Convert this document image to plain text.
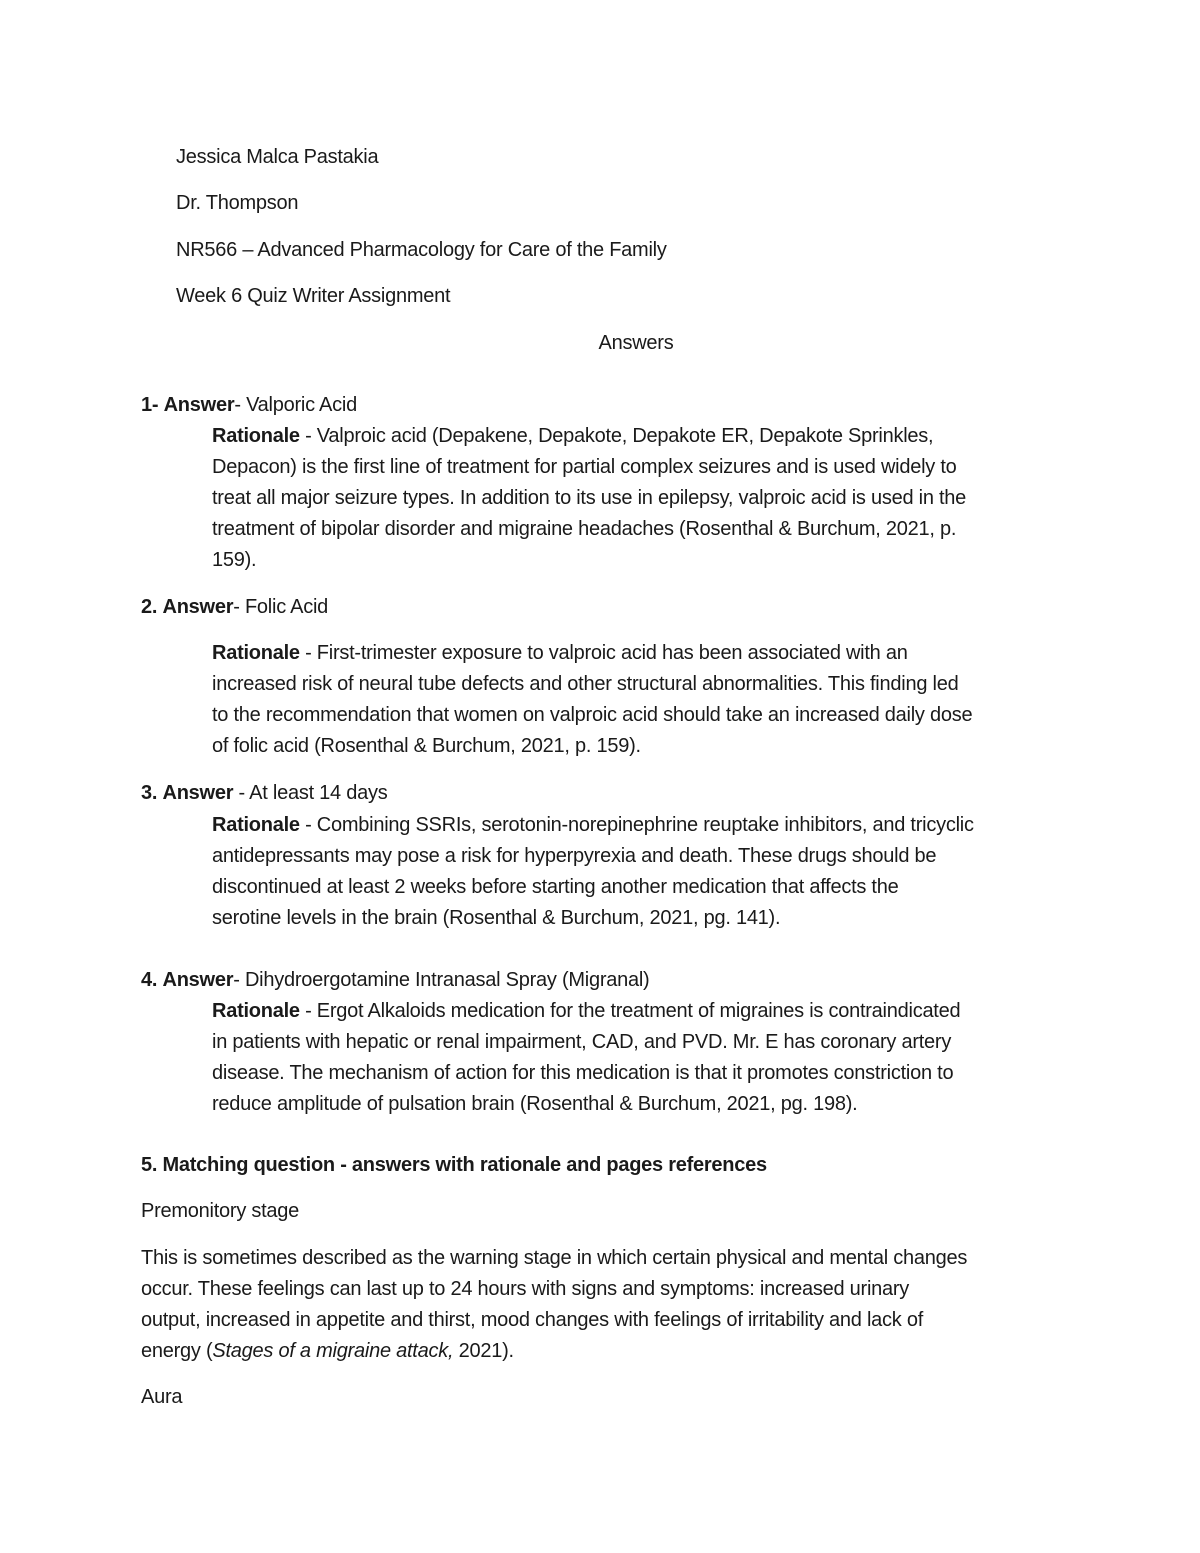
Jessica Malca Pastakia
Dr. Thompson
NR566 – Advanced Pharmacology for Care of the Family
Week 6 Quiz Writer Assignment
Answers
1- Answer- Valporic Acid
Rationale - Valproic acid (Depakene, Depakote, Depakote ER, Depakote Sprinkles,
Depacon) is the first line of treatment for partial complex seizures and is used widely to
treat all major seizure types. In addition to its use in epilepsy, valproic acid is used in the
treatment of bipolar disorder and migraine headaches (Rosenthal & Burchum, 2021, p.
159).
2. Answer- Folic Acid
Rationale - First-trimester exposure to valproic acid has been associated with an
increased risk of neural tube defects and other structural abnormalities. This finding led
to the recommendation that women on valproic acid should take an increased daily dose
of folic acid (Rosenthal & Burchum, 2021, p. 159).
3. Answer - At least 14 days
Rationale - Combining SSRIs, serotonin-norepinephrine reuptake inhibitors, and tricyclic
antidepressants may pose a risk for hyperpyrexia and death. These drugs should be
discontinued at least 2 weeks before starting another medication that affects the
serotine levels in the brain (Rosenthal & Burchum, 2021, pg. 141).
4. Answer- Dihydroergotamine Intranasal Spray (Migranal)
Rationale - Ergot Alkaloids medication for the treatment of migraines is contraindicated
in patients with hepatic or renal impairment, CAD, and PVD. Mr. E has coronary artery
disease. The mechanism of action for this medication is that it promotes constriction to
reduce amplitude of pulsation brain (Rosenthal & Burchum, 2021, pg. 198).
5. Matching question - answers with rationale and pages references
Premonitory stage
This is sometimes described as the warning stage in which certain physical and mental changes
occur. These feelings can last up to 24 hours with signs and symptoms: increased urinary
output, increased in appetite and thirst, mood changes with feelings of irritability and lack of
energy (Stages of a migraine attack, 2021).
Aura
